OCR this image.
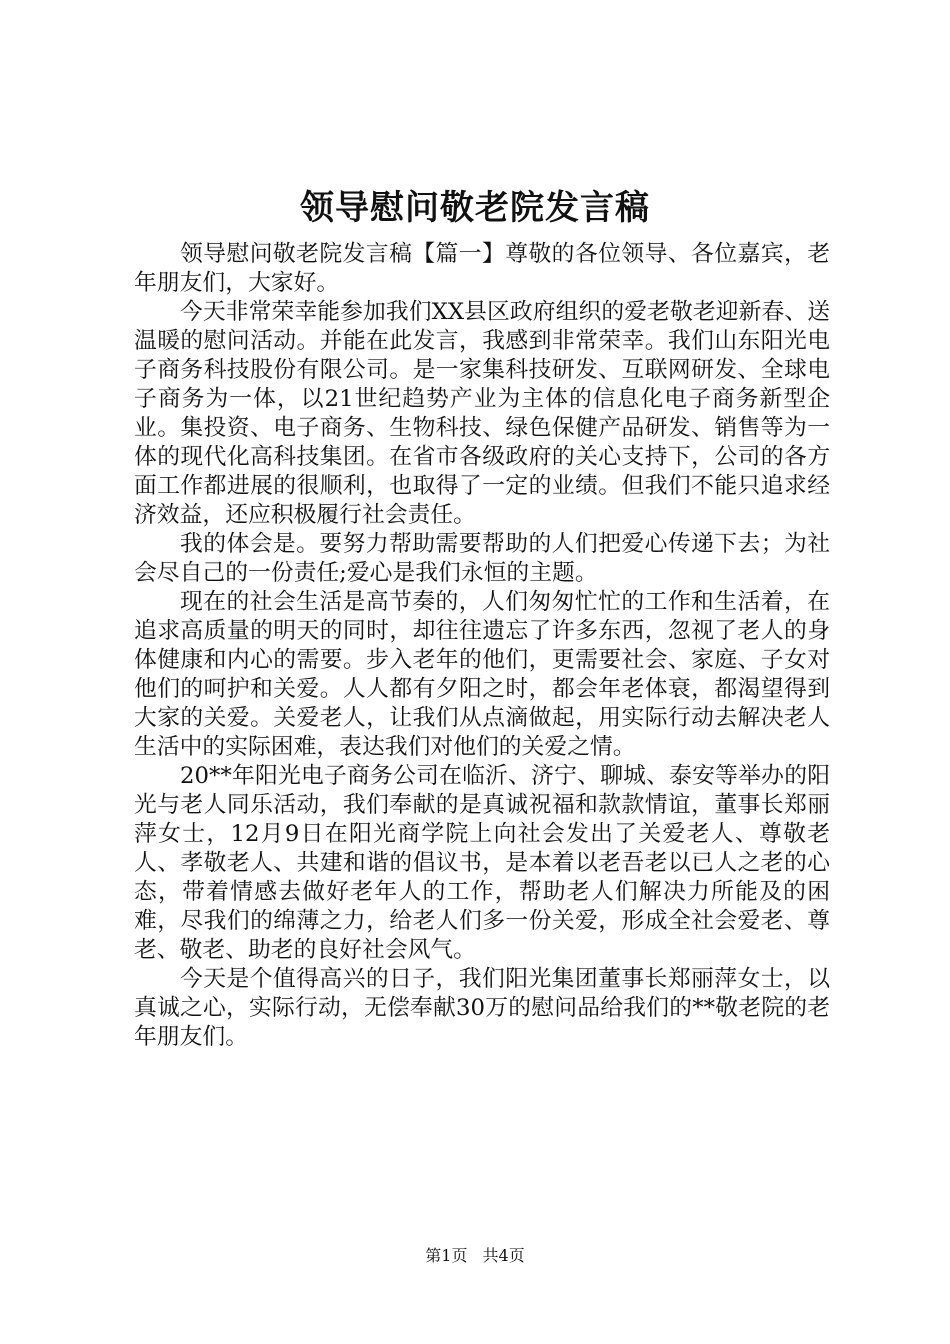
领导慰问敬老院发言稿

领导慰问敬老院发言稿【篇一】尊敬的各位领导、各位嘉宾，老年朋友们，大家好。

今天非常荣幸能参加我们XX县区政府组织的爱老敬老迎新春、送温暖的慰问活动。并能在此发言，我感到非常荣幸。我们山东阳光电子商务科技股份有限公司。是一家集科技研发、互联网研发、全球电子商务为一体，以21世纪趋势产业为主体的信息化电子商务新型企业。集投资、电子商务、生物科技、绿色保健产品研发、销售等为一体的现代化高科技集团。在省市各级政府的关心支持下，公司的各方面工作都进展的很顺利，也取得了一定的业绩。但我们不能只追求经济效益，还应积极履行社会责任。

我的体会是。要努力帮助需要帮助的人们把爱心传递下去；为社会尽自己的一份责任;爱心是我们永恒的主题。

现在的社会生活是高节奏的，人们匆匆忙忙的工作和生活着，在追求高质量的明天的同时，却往往遗忘了许多东西，忽视了老人的身体健康和内心的需要。步入老年的他们，更需要社会、家庭、子女对他们的呵护和关爱。人人都有夕阳之时，都会年老体衰，都渴望得到大家的关爱。关爱老人，让我们从点滴做起，用实际行动去解决老人生活中的实际困难，表达我们对他们的关爱之情。

20**年阳光电子商务公司在临沂、济宁、聊城、泰安等举办的阳光与老人同乐活动，我们奉献的是真诚祝福和款款情谊，董事长郑丽萍女士，12月9日在阳光商学院上向社会发出了关爱老人、尊敬老人、孝敬老人、共建和谐的倡议书，是本着以老吾老以已人之老的心态，带着情感去做好老年人的工作，帮助老人们解决力所能及的困难，尽我们的绵薄之力，给老人们多一份关爱，形成全社会爱老、尊老、敬老、助老的良好社会风气。

今天是个值得高兴的日子，我们阳光集团董事长郑丽萍女士，以真诚之心，实际行动，无偿奉献30万的慰问品给我们的**敬老院的老年朋友们。

第1页 共4页
